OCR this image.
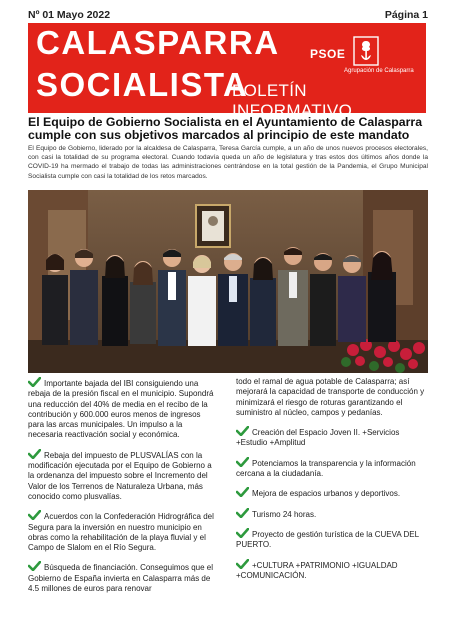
Nº 01 Mayo 2022	Página 1
CALASPARRA
SOCIALISTA
BOLETÍN INFORMATIVO
PSOE
Agrupación de Calasparra
El Equipo de Gobierno Socialista en el Ayuntamiento de Calasparra cumple con sus objetivos marcados al principio de este mandato
El Equipo de Gobierno, liderado por la alcaldesa de Calasparra, Teresa García cumple, a un año de unos nuevos procesos electorales, con casi la totalidad de su programa electoral. Cuando todavía queda un año de legislatura y tras estos dos últimos años donde la COVID-19 ha mermado el trabajo de todas las administraciones centrándose en la total gestión de la Pandemia, el Grupo Municipal Socialista cumple con casi la totalidad de los retos marcados.
Importante bajada del IBI consiguiendo una rebaja de la presión fiscal en el municipio. Supondrá una reducción del 40% de media en el recibo de la contribución y 600.000 euros menos de ingresos para las arcas municipales. Un impulso a la necesaria reactivación social y económica.
Rebaja del impuesto de PLUSVALÍAS con la modificación ejecutada por el Equipo de Gobierno a la ordenanza del impuesto sobre el Incremento del Valor de los Terrenos de Naturaleza Urbana, más conocido como plusvalías.
Acuerdos con la Confederación Hidrográfica del Segura para la inversión en nuestro municipio en obras como la rehabilitación de la playa fluvial y el Campo de Slalom en el Río Segura.
Búsqueda de financiación. Conseguimos que el Gobierno de España invierta en Calasparra más de 4.5 millones de euros para renovar
todo el ramal de agua potable de Calasparra; así mejorará la capacidad de transporte de conducción y minimizará el riesgo de roturas garantizando el suministro al núcleo, campos y pedanías.
Creación del Espacio Joven II. +Servicios +Estudio +Amplitud
Potenciamos la transparencia y la información cercana a la ciudadanía.
Mejora de espacios urbanos y deportivos.
Turismo 24 horas.
Proyecto de gestión turística de la CUEVA DEL PUERTO.
+CULTURA +PATRIMONIO +IGUALDAD +COMUNICACIÓN.
